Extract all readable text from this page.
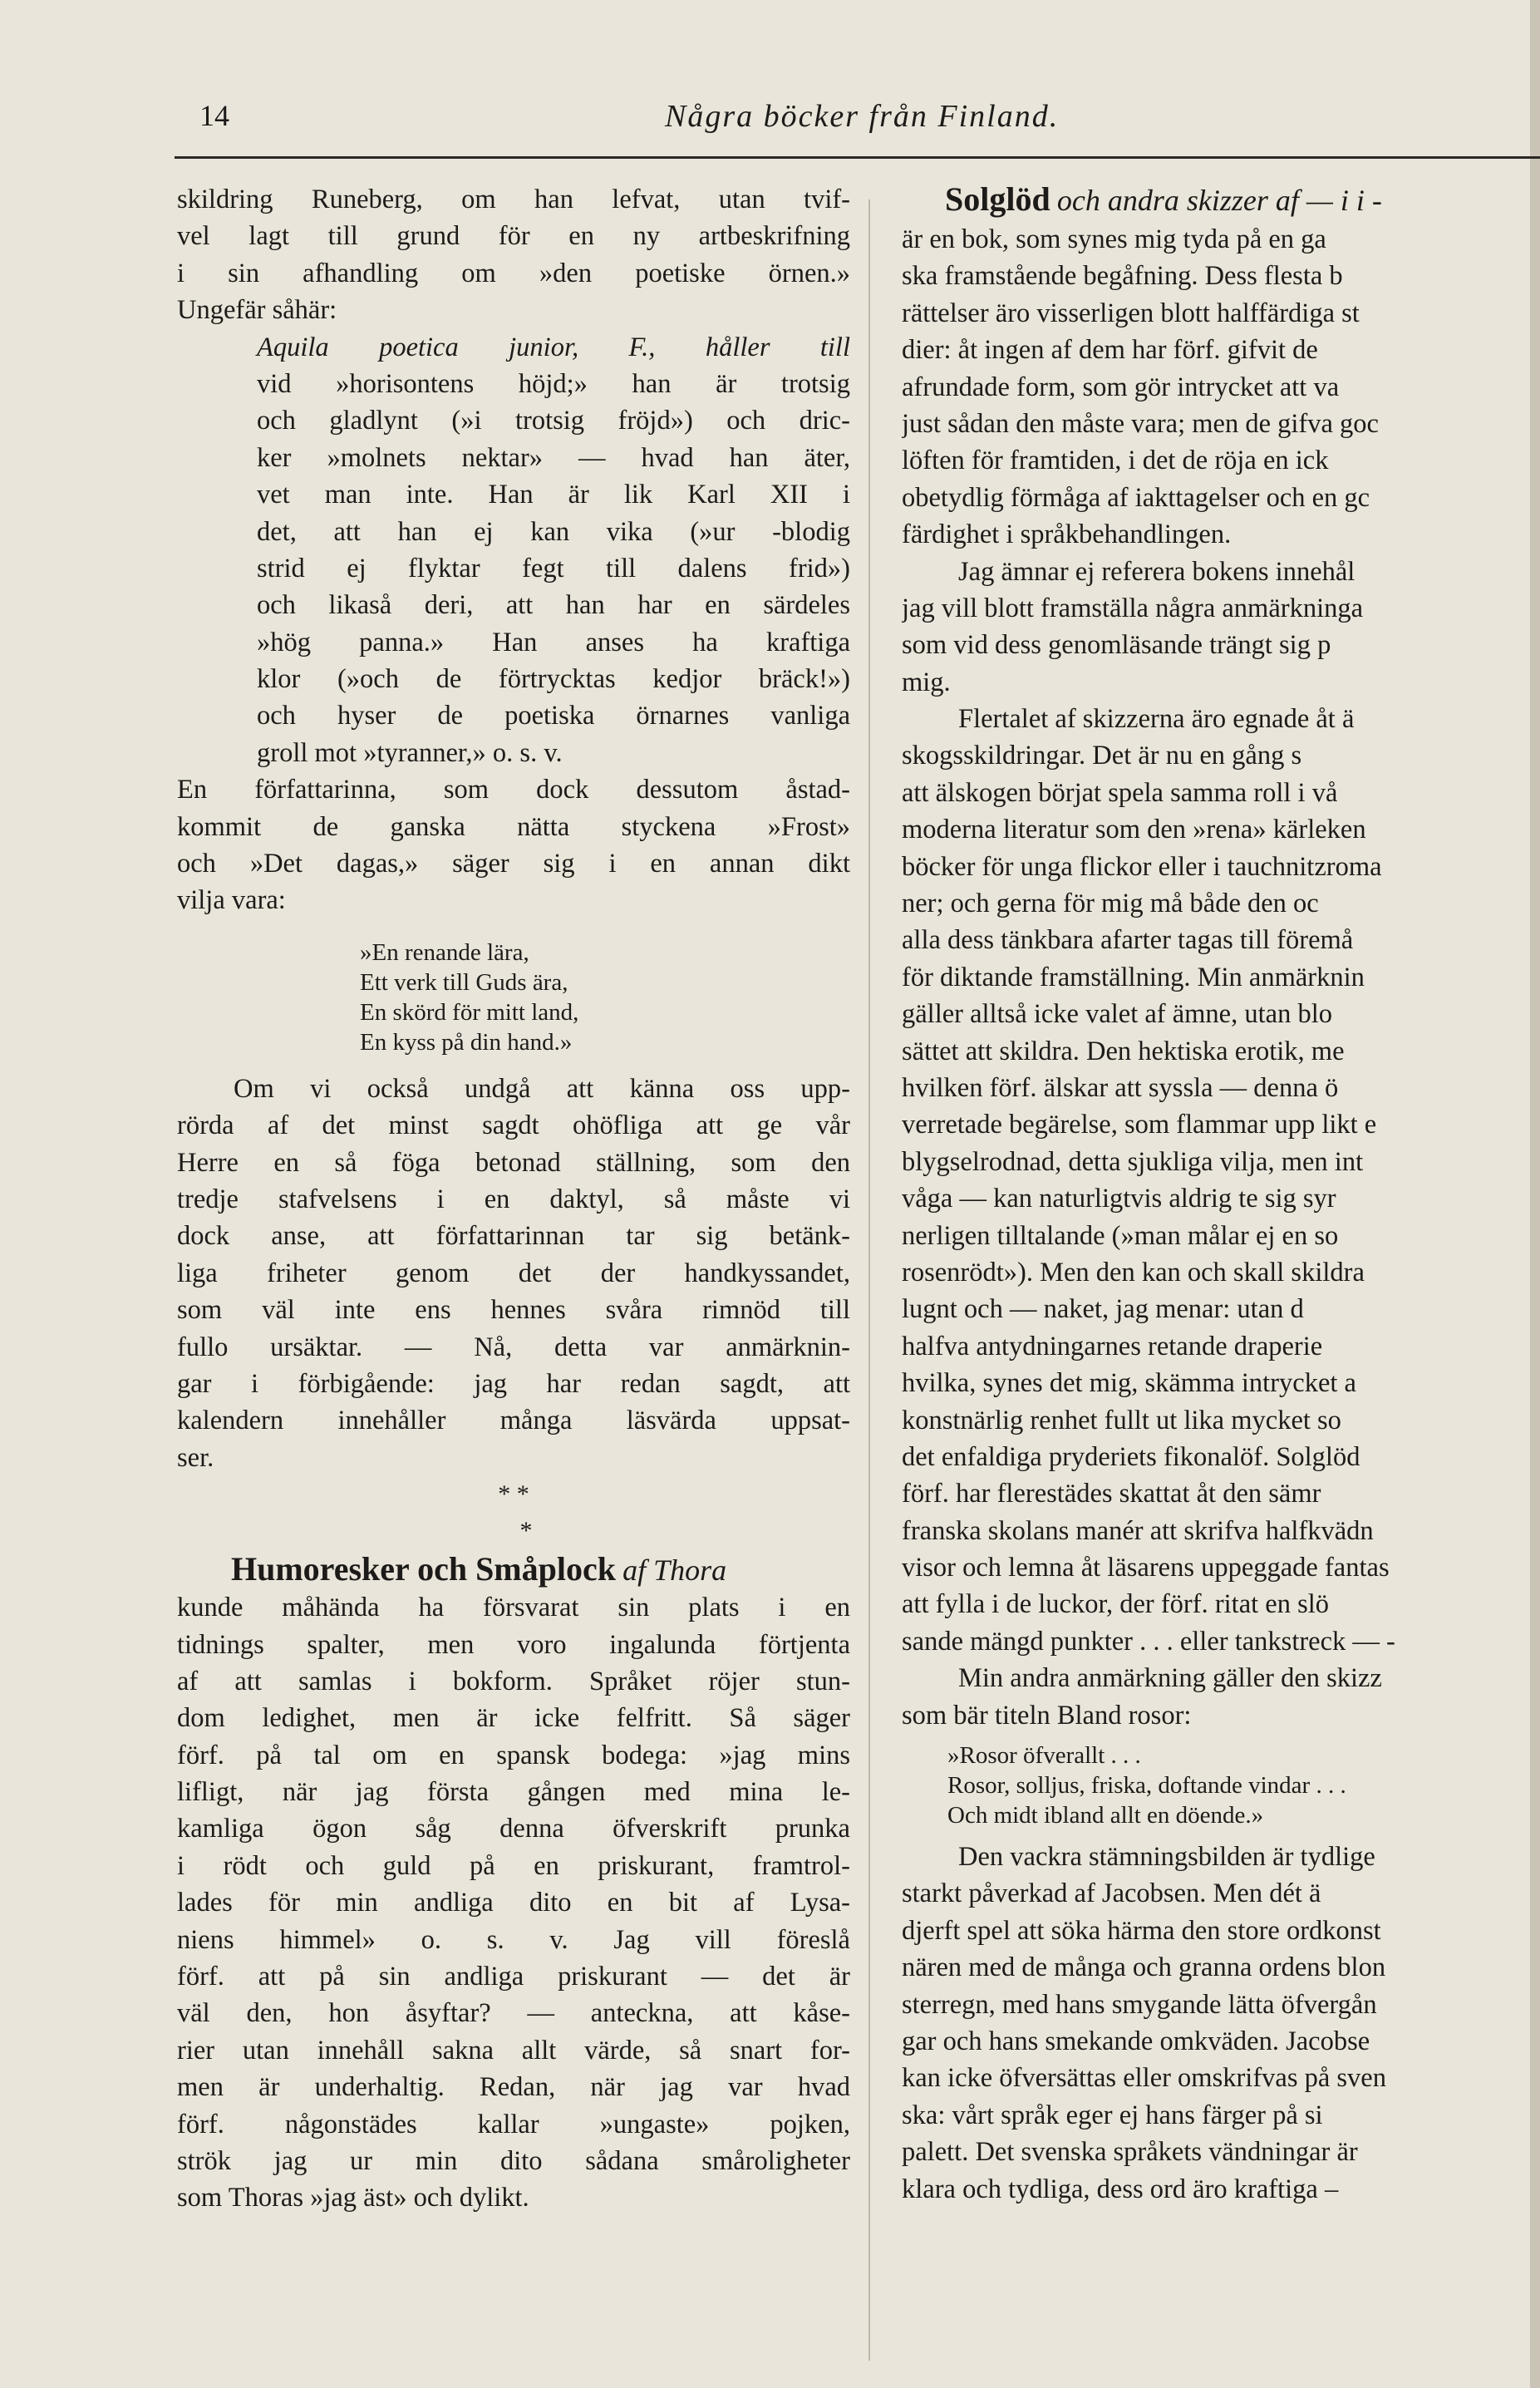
14	Några böcker från Finland.
skildring Runeberg, om han lefvat, utan tvif-
vel lagt till grund för en ny artbeskrifning
i sin afhandling om »den poetiske örnen.»
Ungefär såhär:
Aquila poetica junior, F., håller till
vid »horisontens höjd;» han är trotsig
och gladlynt (»i trotsig fröjd») och dric-
ker »molnets nektar» — hvad han äter,
vet man inte. Han är lik Karl XII i
det, att han ej kan vika (»ur -blodig
strid ej flyktar fegt till dalens frid»)
och likaså deri, att han har en särdeles
»hög panna.» Han anses ha kraftiga
klor (»och de förtrycktas kedjor bräck!»)
och hyser de poetiska örnarnes vanliga
groll mot »tyranner,» o. s. v.
En författarinna, som dock dessutom åstad-
kommit de ganska nätta styckena »Frost»
och »Det dagas,» säger sig i en annan dikt
vilja vara:
»En renande lära,
Ett verk till Guds ära,
En skörd för mitt land,
En kyss på din hand.»
Om vi också undgå att känna oss upp-
rörda af det minst sagdt ohöfliga att ge vår
Herre en så föga betonad ställning, som den
tredje stafvelsens i en daktyl, så måste vi
dock anse, att författarinnan tar sig betänk-
liga friheter genom det der handkyssandet,
som väl inte ens hennes svåra rimnöd till
fullo ursäktar. — Nå, detta var anmärknin-
gar i förbigående: jag har redan sagdt, att
kalendern innehåller många läsvärda uppsat-
ser.
* *
*
Humoresker och Småplock af Thora
kunde måhända ha försvarat sin plats i en
tidnings spalter, men voro ingalunda förtjenta
af att samlas i bokform. Språket röjer stun-
dom ledighet, men är icke felfritt. Så säger
förf. på tal om en spansk bodega: »jag mins
lifligt, när jag första gången med mina le-
kamliga ögon såg denna öfverskrift prunka
i rödt och guld på en priskurant, framtrol-
lades för min andliga dito en bit af Lysa-
niens himmel» o. s. v. Jag vill föreslå
förf. att på sin andliga priskurant — det är
väl den, hon åsyftar? — anteckna, att kåse-
rier utan innehåll sakna allt värde, så snart for-
men är underhaltig. Redan, när jag var hvad
förf. någonstädes kallar »ungaste» pojken,
strök jag ur min dito sådana småroligheter
som Thoras »jag äst» och dylikt.
Solglöd och andra skizzer af — i i -
är en bok, som synes mig tyda på en ga
ska framstående begåfning. Dess flesta b
rättelser äro visserligen blott halffärdiga st
dier: åt ingen af dem har förf. gifvit de
afrundade form, som gör intrycket att va
just sådan den måste vara; men de gifva goc
löften för framtiden, i det de röja en ick
obetydlig förmåga af iakttagelser och en gc
färdighet i språkbehandlingen.
Jag ämnar ej referera bokens innehål
jag vill blott framställa några anmärkninga
som vid dess genomläsande trängt sig p
mig.
Flertalet af skizzerna äro egnade åt ä
skogsskildringar. Det är nu en gång s
att älskogen börjat spela samma roll i vå
moderna literatur som den »rena» kärleken
böcker för unga flickor eller i tauchnitzroma
ner; och gerna för mig må både den oc
alla dess tänkbara afarter tagas till föremå
för diktande framställning. Min anmärknin
gäller alltså icke valet af ämne, utan blo
sättet att skildra. Den hektiska erotik, me
hvilken förf. älskar att syssla — denna ö
verretade begärelse, som flammar upp likt e
blygselrodnad, detta sjukliga vilja, men int
våga — kan naturligtvis aldrig te sig syr
nerligen tilltalande (»man målar ej en so
rosenrödt»). Men den kan och skall skildra
lugnt och — naket, jag menar: utan d
halfva antydningarnes retande draperie
hvilka, synes det mig, skämma intrycket a
konstnärlig renhet fullt ut lika mycket so
det enfaldiga pryderiets fikonalöf. Solglöd
förf. har flerestädes skattat åt den sämr
franska skolans manér att skrifva halfkvädn
visor och lemna åt läsarens uppeggade fantas
att fylla i de luckor, der förf. ritat en slö
sande mängd punkter . . . eller tankstreck — -
Min andra anmärkning gäller den skizz
som bär titeln Bland rosor:
»Rosor öfverallt . . .
Rosor, solljus, friska, doftande vindar . . .
Och midt ibland allt en döende.»
Den vackra stämningsbilden är tydlige
starkt påverkad af Jacobsen. Men dét ä
djerft spel att söka härma den store ordkonst
nären med de många och granna ordens blon
sterregn, med hans smygande lätta öfvergån
gar och hans smekande omkväden. Jacobse
kan icke öfversättas eller omskrifvas på sven
ska: vårt språk eger ej hans färger på si
palett. Det svenska språkets vändningar är
klara och tydliga, dess ord äro kraftiga –
